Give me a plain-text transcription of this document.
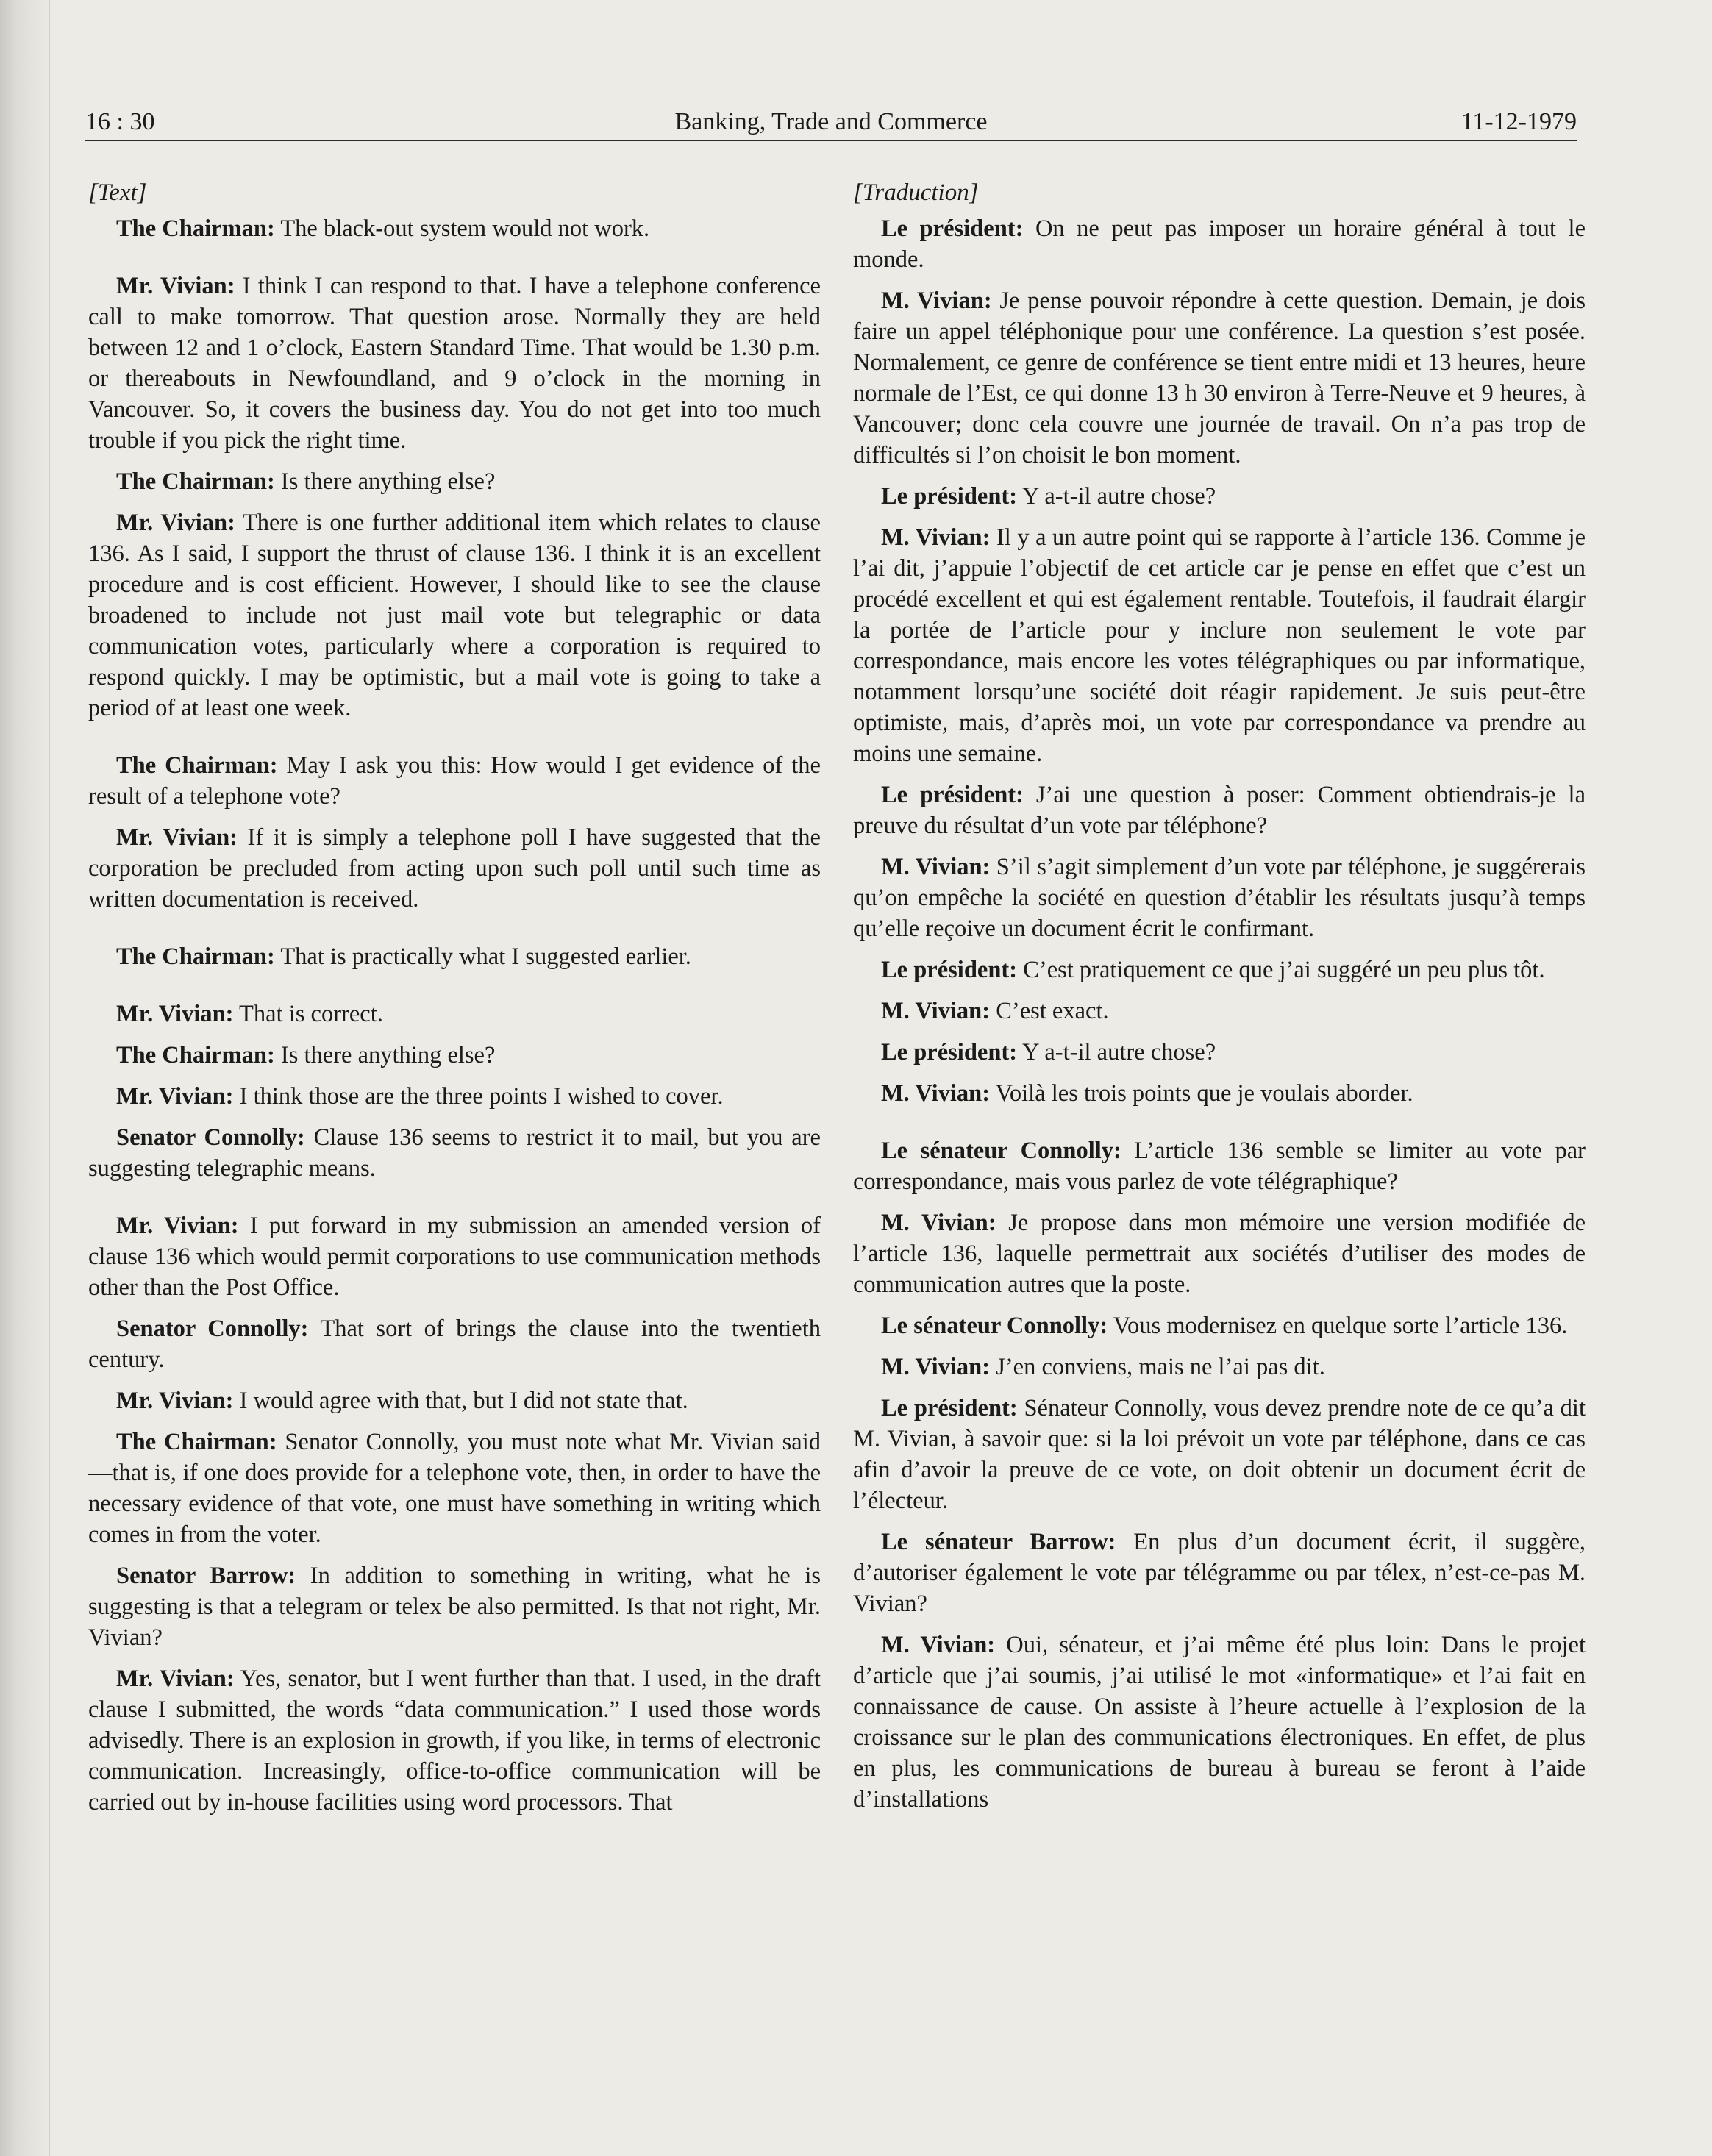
16 : 30	Banking, Trade and Commerce	11-12-1979
[Text]

The Chairman: The black-out system would not work.

Mr. Vivian: I think I can respond to that. I have a telephone conference call to make tomorrow. That question arose. Normally they are held between 12 and 1 o’clock, Eastern Standard Time. That would be 1.30 p.m. or thereabouts in Newfoundland, and 9 o’clock in the morning in Vancouver. So, it covers the business day. You do not get into too much trouble if you pick the right time.

The Chairman: Is there anything else?

Mr. Vivian: There is one further additional item which relates to clause 136. As I said, I support the thrust of clause 136. I think it is an excellent procedure and is cost efficient. However, I should like to see the clause broadened to include not just mail vote but telegraphic or data communication votes, particularly where a corporation is required to respond quickly. I may be optimistic, but a mail vote is going to take a period of at least one week.

The Chairman: May I ask you this: How would I get evidence of the result of a telephone vote?

Mr. Vivian: If it is simply a telephone poll I have suggested that the corporation be precluded from acting upon such poll until such time as written documentation is received.

The Chairman: That is practically what I suggested earlier.

Mr. Vivian: That is correct.

The Chairman: Is there anything else?

Mr. Vivian: I think those are the three points I wished to cover.

Senator Connolly: Clause 136 seems to restrict it to mail, but you are suggesting telegraphic means.

Mr. Vivian: I put forward in my submission an amended version of clause 136 which would permit corporations to use communication methods other than the Post Office.

Senator Connolly: That sort of brings the clause into the twentieth century.

Mr. Vivian: I would agree with that, but I did not state that.

The Chairman: Senator Connolly, you must note what Mr. Vivian said—that is, if one does provide for a telephone vote, then, in order to have the necessary evidence of that vote, one must have something in writing which comes in from the voter.

Senator Barrow: In addition to something in writing, what he is suggesting is that a telegram or telex be also permitted. Is that not right, Mr. Vivian?

Mr. Vivian: Yes, senator, but I went further than that. I used, in the draft clause I submitted, the words “data communication.” I used those words advisedly. There is an explosion in growth, if you like, in terms of electronic communication. Increasingly, office-to-office communication will be carried out by in-house facilities using word processors. That

[Traduction]

Le président: On ne peut pas imposer un horaire général à tout le monde.

M. Vivian: Je pense pouvoir répondre à cette question. Demain, je dois faire un appel téléphonique pour une conférence. La question s’est posée. Normalement, ce genre de conférence se tient entre midi et 13 heures, heure normale de l’Est, ce qui donne 13 h 30 environ à Terre-Neuve et 9 heures, à Vancouver; donc cela couvre une journée de travail. On n’a pas trop de difficultés si l’on choisit le bon moment.

Le président: Y a-t-il autre chose?

M. Vivian: Il y a un autre point qui se rapporte à l’article 136. Comme je l’ai dit, j’appuie l’objectif de cet article car je pense en effet que c’est un procédé excellent et qui est également rentable. Toutefois, il faudrait élargir la portée de l’article pour y inclure non seulement le vote par correspondance, mais encore les votes télégraphiques ou par informatique, notamment lorsqu’une société doit réagir rapidement. Je suis peut-être optimiste, mais, d’après moi, un vote par correspondance va prendre au moins une semaine.

Le président: J’ai une question à poser: Comment obtiendrais-je la preuve du résultat d’un vote par téléphone?

M. Vivian: S’il s’agit simplement d’un vote par téléphone, je suggérerais qu’on empêche la société en question d’établir les résultats jusqu’à temps qu’elle reçoive un document écrit le confirmant.

Le président: C’est pratiquement ce que j’ai suggéré un peu plus tôt.

M. Vivian: C’est exact.

Le président: Y a-t-il autre chose?

M. Vivian: Voilà les trois points que je voulais aborder.

Le sénateur Connolly: L’article 136 semble se limiter au vote par correspondance, mais vous parlez de vote télégraphique?

M. Vivian: Je propose dans mon mémoire une version modifiée de l’article 136, laquelle permettrait aux sociétés d’utiliser des modes de communication autres que la poste.

Le sénateur Connolly: Vous modernisez en quelque sorte l’article 136.

M. Vivian: J’en conviens, mais ne l’ai pas dit.

Le président: Sénateur Connolly, vous devez prendre note de ce qu’a dit M. Vivian, à savoir que: si la loi prévoit un vote par téléphone, dans ce cas afin d’avoir la preuve de ce vote, on doit obtenir un document écrit de l’électeur.

Le sénateur Barrow: En plus d’un document écrit, il suggère, d’autoriser également le vote par télégramme ou par télex, n’est-ce-pas M. Vivian?

M. Vivian: Oui, sénateur, et j’ai même été plus loin: Dans le projet d’article que j’ai soumis, j’ai utilisé le mot «informatique» et l’ai fait en connaissance de cause. On assiste à l’heure actuelle à l’explosion de la croissance sur le plan des communications électroniques. En effet, de plus en plus, les communications de bureau à bureau se feront à l’aide d’installations
